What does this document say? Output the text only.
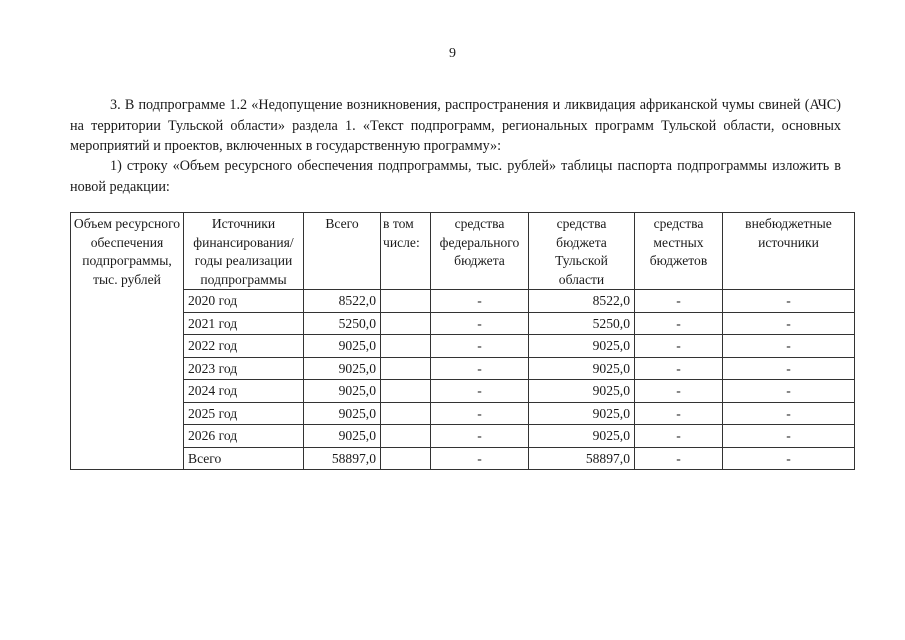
9

3. В подпрограмме 1.2 «Недопущение возникновения, распространения и ликвидация африканской чумы свиней (АЧС) на территории Тульской области» раздела 1. «Текст подпрограмм, региональных программ Тульской области, основных мероприятий и проектов, включенных в государственную программу»:

1) строку «Объем ресурсного обеспечения подпрограммы, тыс. рублей» таблицы паспорта подпрограммы изложить в новой редакции:

Объем ресурсного обеспечения подпрограммы, тыс. рублей	Источники финансирования/ годы реализации подпрограммы	Всего	в том числе:	средства федерального бюджета	средства бюджета Тульской области	средства местных бюджетов	внебюджетные источники
	2020 год	8522,0		-	8522,0	-	-
	2021 год	5250,0		-	5250,0	-	-
	2022 год	9025,0		-	9025,0	-	-
	2023 год	9025,0		-	9025,0	-	-
	2024 год	9025,0		-	9025,0	-	-
	2025 год	9025,0		-	9025,0	-	-
	2026 год	9025,0		-	9025,0	-	-
	Всего	58897,0		-	58897,0	-	-
